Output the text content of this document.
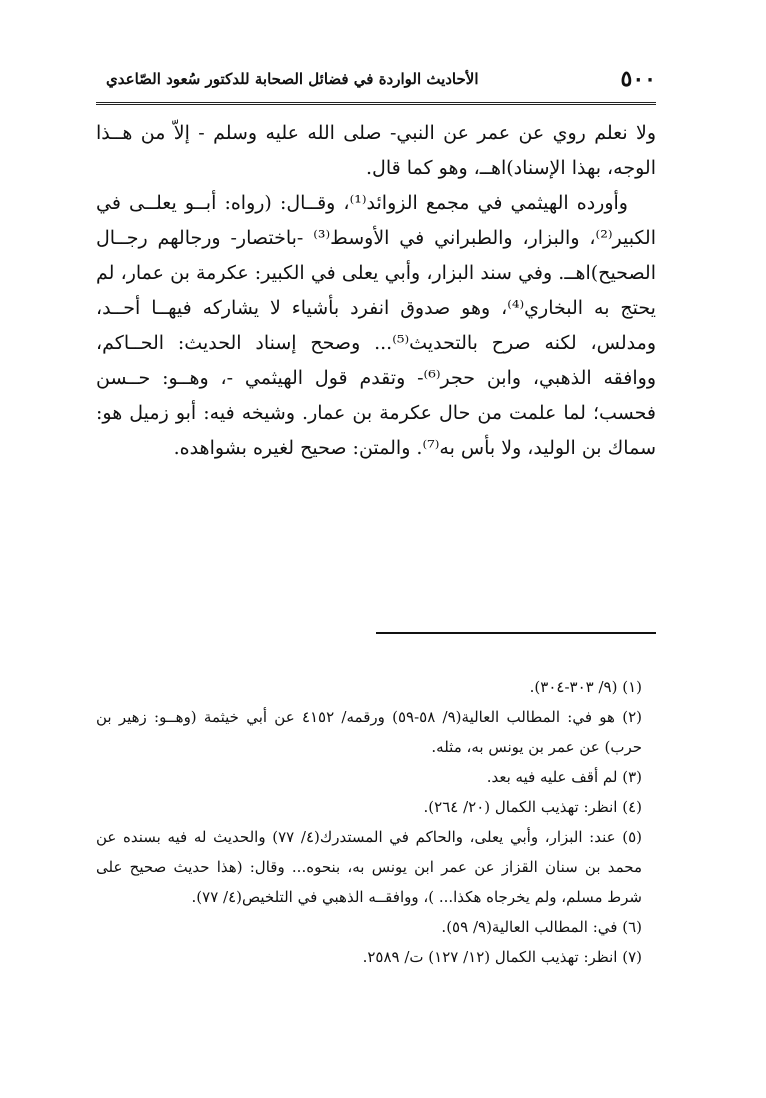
٥٠٠
الأحاديث الواردة في فضائل الصحابة للدكتور سُعود الصّاعدي

ولا نعلم روي عن عمر عن النبي- صلى الله عليه وسلم - إلاّ من هــذا الوجه، بهذا الإسناد)اهــ، وهو كما قال.

وأورده الهيثمي في مجمع الزوائد⁽¹⁾، وقــال: (رواه: أبــو يعلــى في الكبير⁽²⁾، والبزار، والطبراني في الأوسط⁽³⁾ -باختصار- ورجالهم رجــال الصحيح)اهــ. وفي سند البزار، وأبي يعلى في الكبير: عكرمة بن عمار، لم يحتج به البخاري⁽⁴⁾، وهو صدوق انفرد بأشياء لا يشاركه فيهــا أحــد، ومدلس، لكنه صرح بالتحديث⁽⁵⁾... وصحح إسناد الحديث: الحــاكم، ووافقه الذهبي، وابن حجر⁽⁶⁾- وتقدم قول الهيثمي -، وهــو: حــسن فحسب؛ لما علمت من حال عكرمة بن عمار. وشيخه فيه: أبو زميل هو: سماك بن الوليد، ولا بأس به⁽⁷⁾. والمتن: صحيح لغيره بشواهده.

(١) (٩/ ٣٠٣-٣٠٤).

(٢) هو في: المطالب العالية(٩/ ٥٨-٥٩) ورقمه/ ٤١٥٢ عن أبي خيثمة (وهــو: زهير بن حرب) عن عمر بن يونس به، مثله.

(٣) لم أقف عليه فيه بعد.

(٤) انظر: تهذيب الكمال (٢٠/ ٢٦٤).

(٥) عند: البزار، وأبي يعلى، والحاكم في المستدرك(٤/ ٧٧) والحديث له فيه بسنده عن محمد بن سنان القزاز عن عمر ابن يونس به، بنحوه... وقال: (هذا حديث صحيح على شرط مسلم، ولم يخرجاه هكذا... )، ووافقــه الذهبي في التلخيص(٤/ ٧٧).

(٦) في: المطالب العالية(٩/ ٥٩).

(٧) انظر: تهذيب الكمال (١٢/ ١٢٧) ت/ ٢٥٨٩.
